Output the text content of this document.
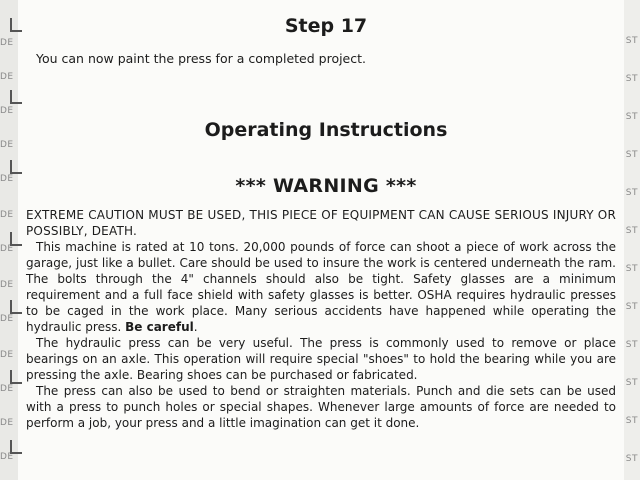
DE
DE
DE
DE
DE
DE
DE
DE
DE
DE
DE
DE
DE
ST
ST
ST
ST
ST
ST
ST
ST
ST
ST
ST
ST
Step 17
You can now paint the press for a completed project.
Operating Instructions
*** WARNING ***

EXTREME CAUTION MUST BE USED, THIS PIECE OF EQUIPMENT CAN CAUSE SERIOUS INJURY OR POSSIBLY, DEATH.

This machine is rated at 10 tons. 20,000 pounds of force can shoot a piece of work across the garage, just like a bullet. Care should be used to insure the work is centered underneath the ram. The bolts through the 4" channels should also be tight. Safety glasses are a minimum requirement and a full face shield with safety glasses is better. OSHA requires hydraulic presses to be caged in the work place. Many serious accidents have happened while operating the hydraulic press. Be careful.

The hydraulic press can be very useful. The press is commonly used to remove or place bearings on an axle. This operation will require special "shoes" to hold the bearing while you are pressing the axle. Bearing shoes can be purchased or fabricated.

The press can also be used to bend or straighten materials. Punch and die sets can be used with a press to punch holes or special shapes. Whenever large amounts of force are needed to perform a job, your press and a little imagination can get it done.
